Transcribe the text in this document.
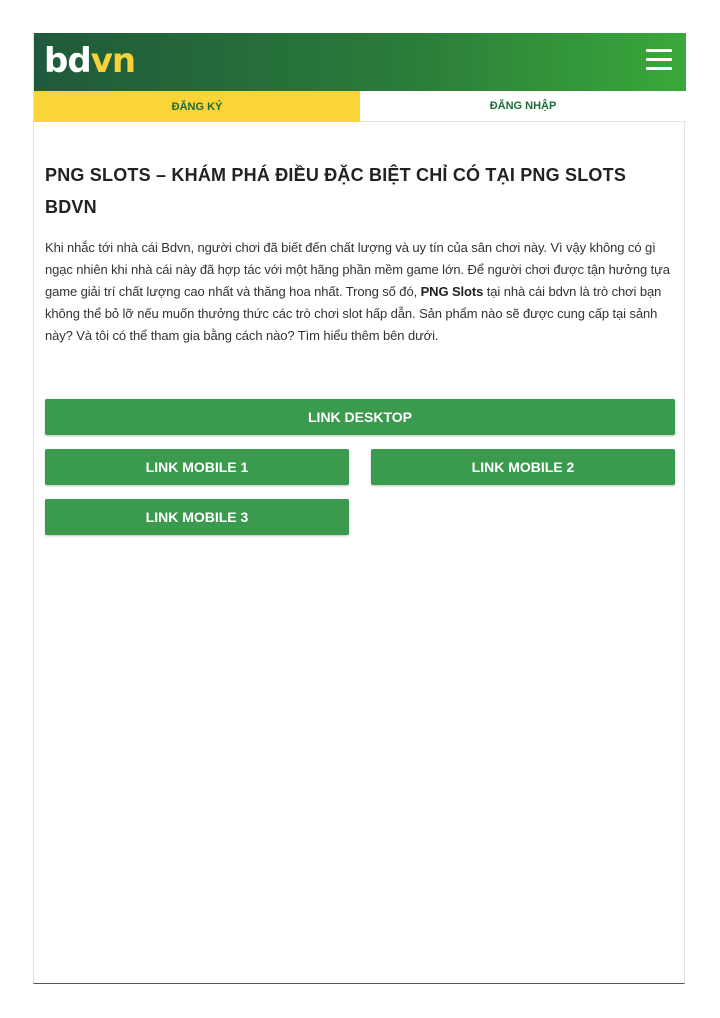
bdvn
ĐĂNG KÝ	ĐĂNG NHẬP
PNG SLOTS – KHÁM PHÁ ĐIỀU ĐẶC BIỆT CHỈ CÓ TẠI PNG SLOTS BDVN

Khi nhắc tới nhà cái Bdvn, người chơi đã biết đến chất lượng và uy tín của sân chơi này. Vì vậy không có gì ngạc nhiên khi nhà cái này đã hợp tác với một hãng phần mềm game lớn. Để người chơi được tận hưởng tựa game giải trí chất lượng cao nhất và thăng hoa nhất. Trong số đó, PNG Slots tại nhà cái bdvn là trò chơi bạn không thể bỏ lỡ nếu muốn thưởng thức các trò chơi slot hấp dẫn. Sản phẩm nào sẽ được cung cấp tại sảnh này? Và tôi có thể tham gia bằng cách nào? Tìm hiểu thêm bên dưới.

LINK DESKTOP
LINK MOBILE 1	LINK MOBILE 2
LINK MOBILE 3
